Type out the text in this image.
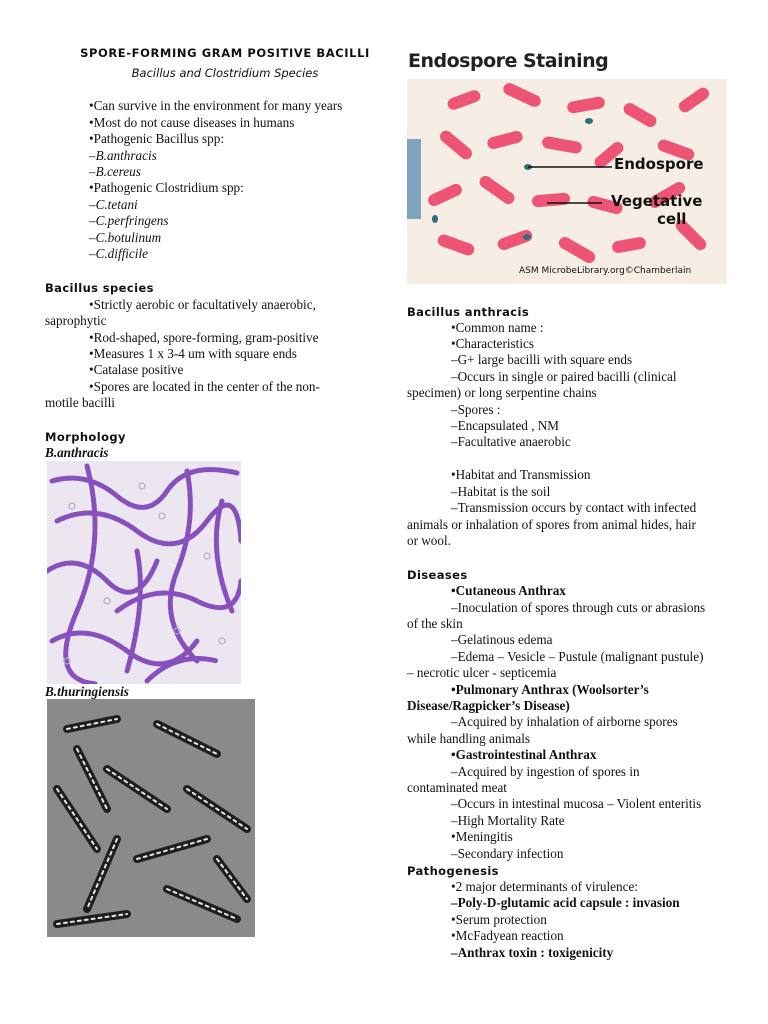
SPORE-FORMING GRAM POSITIVE BACILLI
Bacillus and Clostridium Species
•Can survive in the environment for many years
•Most do not cause diseases in humans
•Pathogenic Bacillus spp:
–B.anthracis
–B.cereus
•Pathogenic Clostridium spp:
–C.tetani
–C.perfringens
–C.botulinum
–C.difficile
Bacillus species
•Strictly aerobic or facultatively anaerobic,
saprophytic
•Rod-shaped, spore-forming, gram-positive
•Measures 1 x 3-4 um with square ends
•Catalase positive
•Spores are located in the center of the non-
motile bacilli
Morphology
B.anthracis
B.thuringiensis
Endospore Staining
Endospore
Vegetative
cell
ASM MicrobeLibrary.org©Chamberlain
Bacillus anthracis
•Common name :
•Characteristics
–G+ large bacilli with square ends
–Occurs in single or paired bacilli (clinical
specimen) or long serpentine chains
–Spores :
–Encapsulated , NM
–Facultative anaerobic
•Habitat and Transmission
–Habitat is the soil
–Transmission occurs by contact with infected
animals or inhalation of spores from animal hides, hair
or wool.
Diseases
•Cutaneous Anthrax
–Inoculation of spores through cuts or abrasions
of the skin
–Gelatinous edema
–Edema – Vesicle – Pustule (malignant pustule)
– necrotic ulcer - septicemia
•Pulmonary Anthrax (Woolsorter’s
Disease/Ragpicker’s Disease)
–Acquired by inhalation of airborne spores
while handling animals
•Gastrointestinal Anthrax
–Acquired by ingestion of spores in
contaminated meat
–Occurs in intestinal mucosa – Violent enteritis
–High Mortality Rate
•Meningitis
–Secondary infection
Pathogenesis
•2 major determinants of virulence:
–Poly-D-glutamic acid capsule : invasion
•Serum protection
•McFadyean reaction
–Anthrax toxin : toxigenicity
